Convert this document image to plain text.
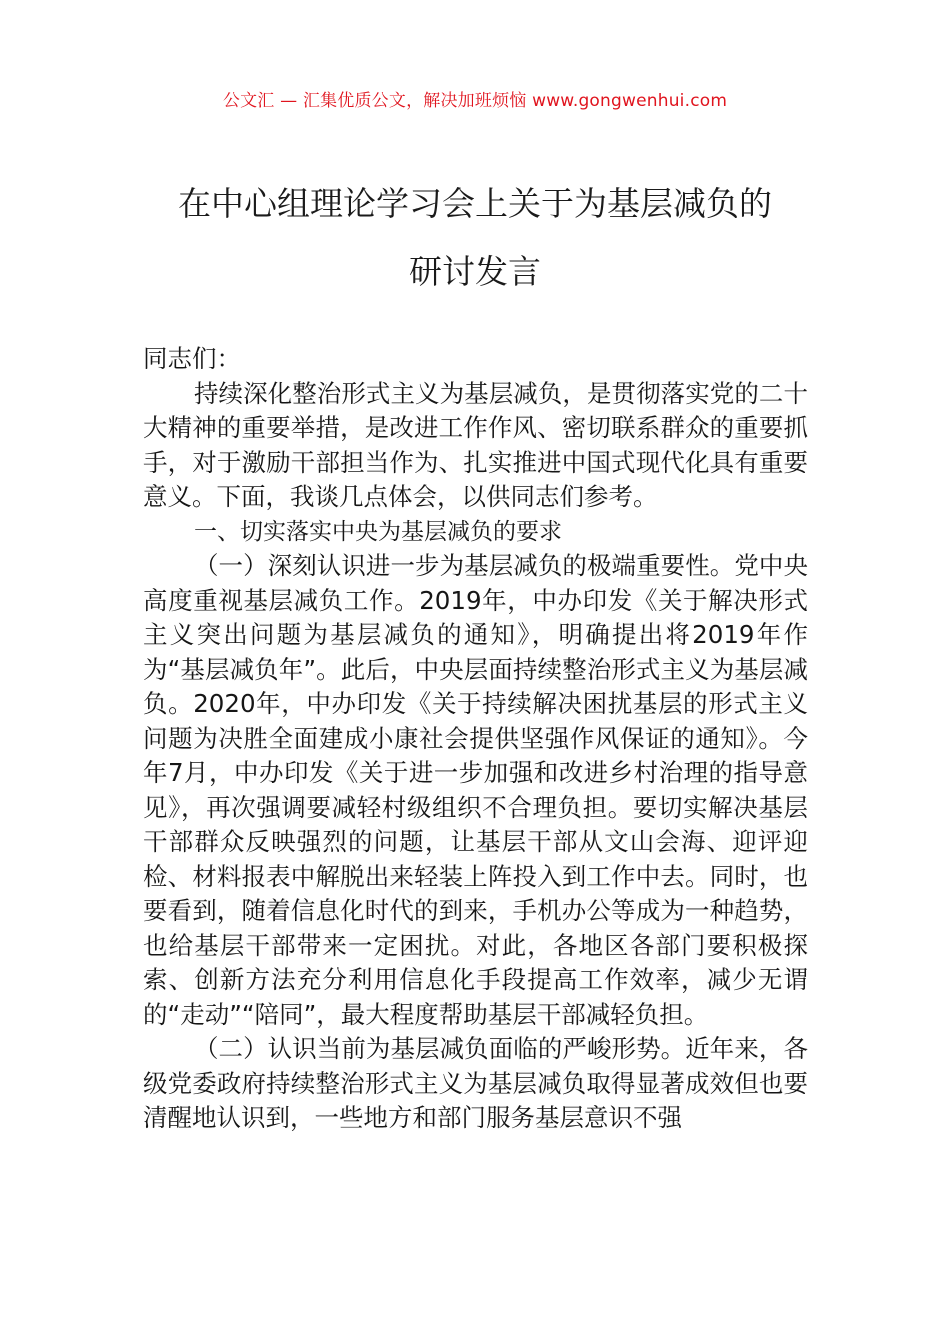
公文汇 — 汇集优质公文，解决加班烦恼 www.gongwenhui.com
在中心组理论学习会上关于为基层减负的
研讨发言

同志们：

持续深化整治形式主义为基层减负，是贯彻落实党的二十大精神的重要举措，是改进工作作风、密切联系群众的重要抓手，对于激励干部担当作为、扎实推进中国式现代化具有重要意义。下面，我谈几点体会，以供同志们参考。

一、切实落实中央为基层减负的要求

（一）深刻认识进一步为基层减负的极端重要性。党中央高度重视基层减负工作。2019年，中办印发《关于解决形式主义突出问题为基层减负的通知》，明确提出将2019年作为“基层减负年”。此后，中央层面持续整治形式主义为基层减负。2020年，中办印发《关于持续解决困扰基层的形式主义问题为决胜全面建成小康社会提供坚强作风保证的通知》。今年7月，中办印发《关于进一步加强和改进乡村治理的指导意见》，再次强调要减轻村级组织不合理负担。要切实解决基层干部群众反映强烈的问题，让基层干部从文山会海、迎评迎检、材料报表中解脱出来轻装上阵投入到工作中去。同时，也要看到，随着信息化时代的到来，手机办公等成为一种趋势，也给基层干部带来一定困扰。对此，各地区各部门要积极探索、创新方法充分利用信息化手段提高工作效率，减少无谓的“走动”“陪同”，最大程度帮助基层干部减轻负担。

（二）认识当前为基层减负面临的严峻形势。近年来，各级党委政府持续整治形式主义为基层减负取得显著成效但也要清醒地认识到，一些地方和部门服务基层意识不强
